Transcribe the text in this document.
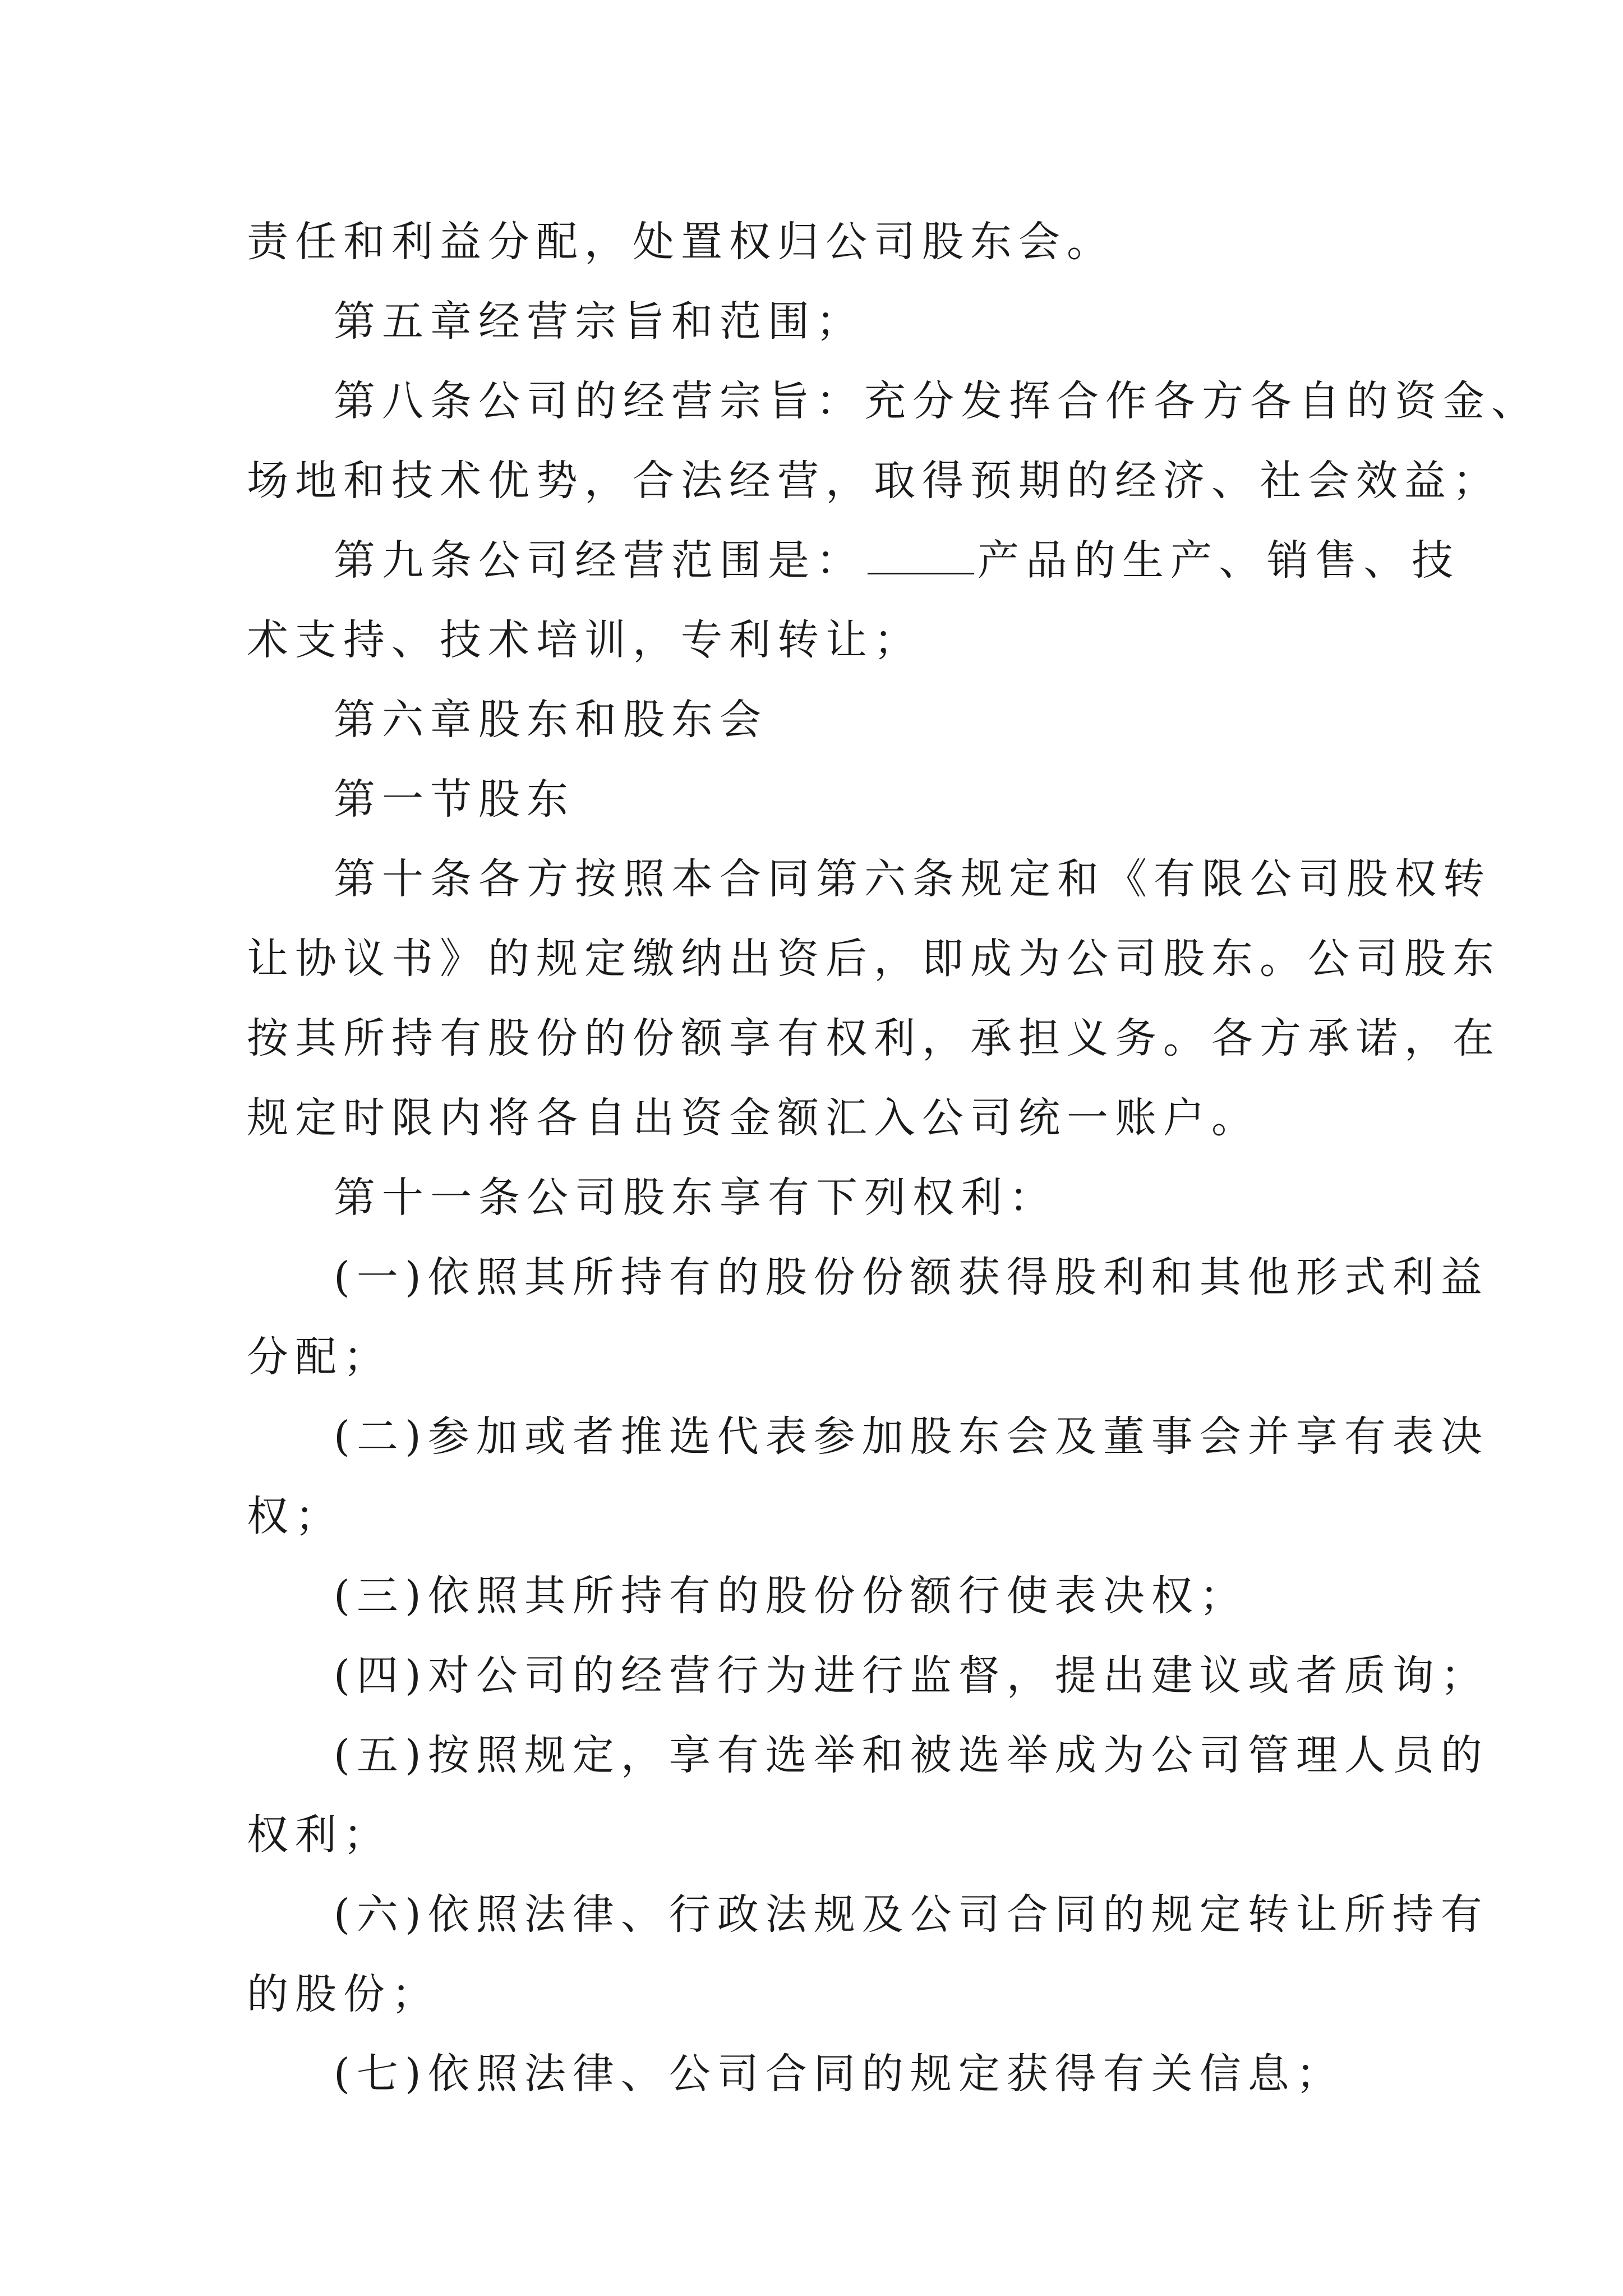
责任和利益分配，处置权归公司股东会。
第五章经营宗旨和范围；
第八条公司的经营宗旨：充分发挥合作各方各自的资金、
场地和技术优势，合法经营，取得预期的经济、社会效益；
第九条公司经营范围是：	产品的生产、销售、技
术支持、技术培训，专利转让；
第六章股东和股东会
第一节股东
第十条各方按照本合同第六条规定和《有限公司股权转
让协议书》的规定缴纳出资后，即成为公司股东。公司股东
按其所持有股份的份额享有权利，承担义务。各方承诺，在
规定时限内将各自出资金额汇入公司统一账户。
第十一条公司股东享有下列权利：
(一)依照其所持有的股份份额获得股利和其他形式利益
分配；
(二)参加或者推选代表参加股东会及董事会并享有表决
权；
(三)依照其所持有的股份份额行使表决权；
(四)对公司的经营行为进行监督，提出建议或者质询；
(五)按照规定，享有选举和被选举成为公司管理人员的
权利；
(六)依照法律、行政法规及公司合同的规定转让所持有
的股份；
(七)依照法律、公司合同的规定获得有关信息；
